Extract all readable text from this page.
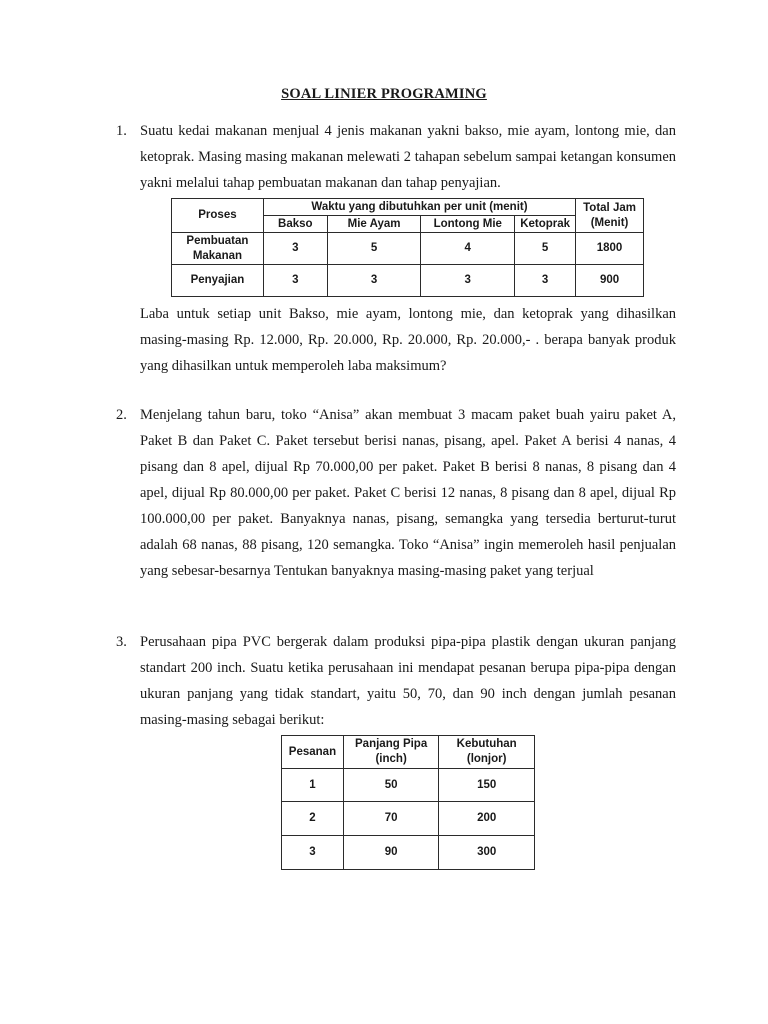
SOAL LINIER PROGRAMING
1. Suatu kedai makanan menjual 4 jenis makanan yakni bakso, mie ayam, lontong mie, dan ketoprak. Masing masing makanan melewati 2 tahapan sebelum sampai ketangan konsumen yakni melalui tahap pembuatan makanan dan tahap penyajian.

Proses	Waktu yang dibutuhkan per unit (menit)				Total Jam (Menit)
	Bakso	Mie Ayam	Lontong Mie	Ketoprak	
Pembuatan Makanan	3	5	4	5	1800
Penyajian	3	3	3	3	900

Laba untuk setiap unit Bakso, mie ayam, lontong mie, dan ketoprak yang dihasilkan masing-masing Rp. 12.000, Rp. 20.000, Rp. 20.000, Rp. 20.000,- . berapa banyak produk yang dihasilkan untuk memperoleh laba maksimum?

2. Menjelang tahun baru, toko “Anisa” akan membuat 3 macam paket buah yairu paket A, Paket B dan Paket C. Paket tersebut berisi nanas, pisang, apel. Paket A berisi 4 nanas, 4 pisang dan 8 apel, dijual Rp 70.000,00 per paket. Paket B berisi 8 nanas, 8 pisang dan 4 apel, dijual Rp 80.000,00 per paket. Paket C berisi 12 nanas, 8 pisang dan 8 apel, dijual Rp 100.000,00 per paket. Banyaknya nanas, pisang, semangka yang tersedia berturut-turut adalah 68 nanas, 88 pisang, 120 semangka. Toko “Anisa” ingin memeroleh hasil penjualan yang sebesar-besarnya Tentukan banyaknya masing-masing paket yang terjual

3. Perusahaan pipa PVC bergerak dalam produksi pipa-pipa plastik dengan ukuran panjang standart 200 inch. Suatu ketika perusahaan ini mendapat pesanan berupa pipa-pipa dengan ukuran panjang yang tidak standart, yaitu 50, 70, dan 90 inch dengan jumlah pesanan masing-masing sebagai berikut:

Pesanan	Panjang Pipa (inch)	Kebutuhan (lonjor)
1	50	150
2	70	200
3	90	300
